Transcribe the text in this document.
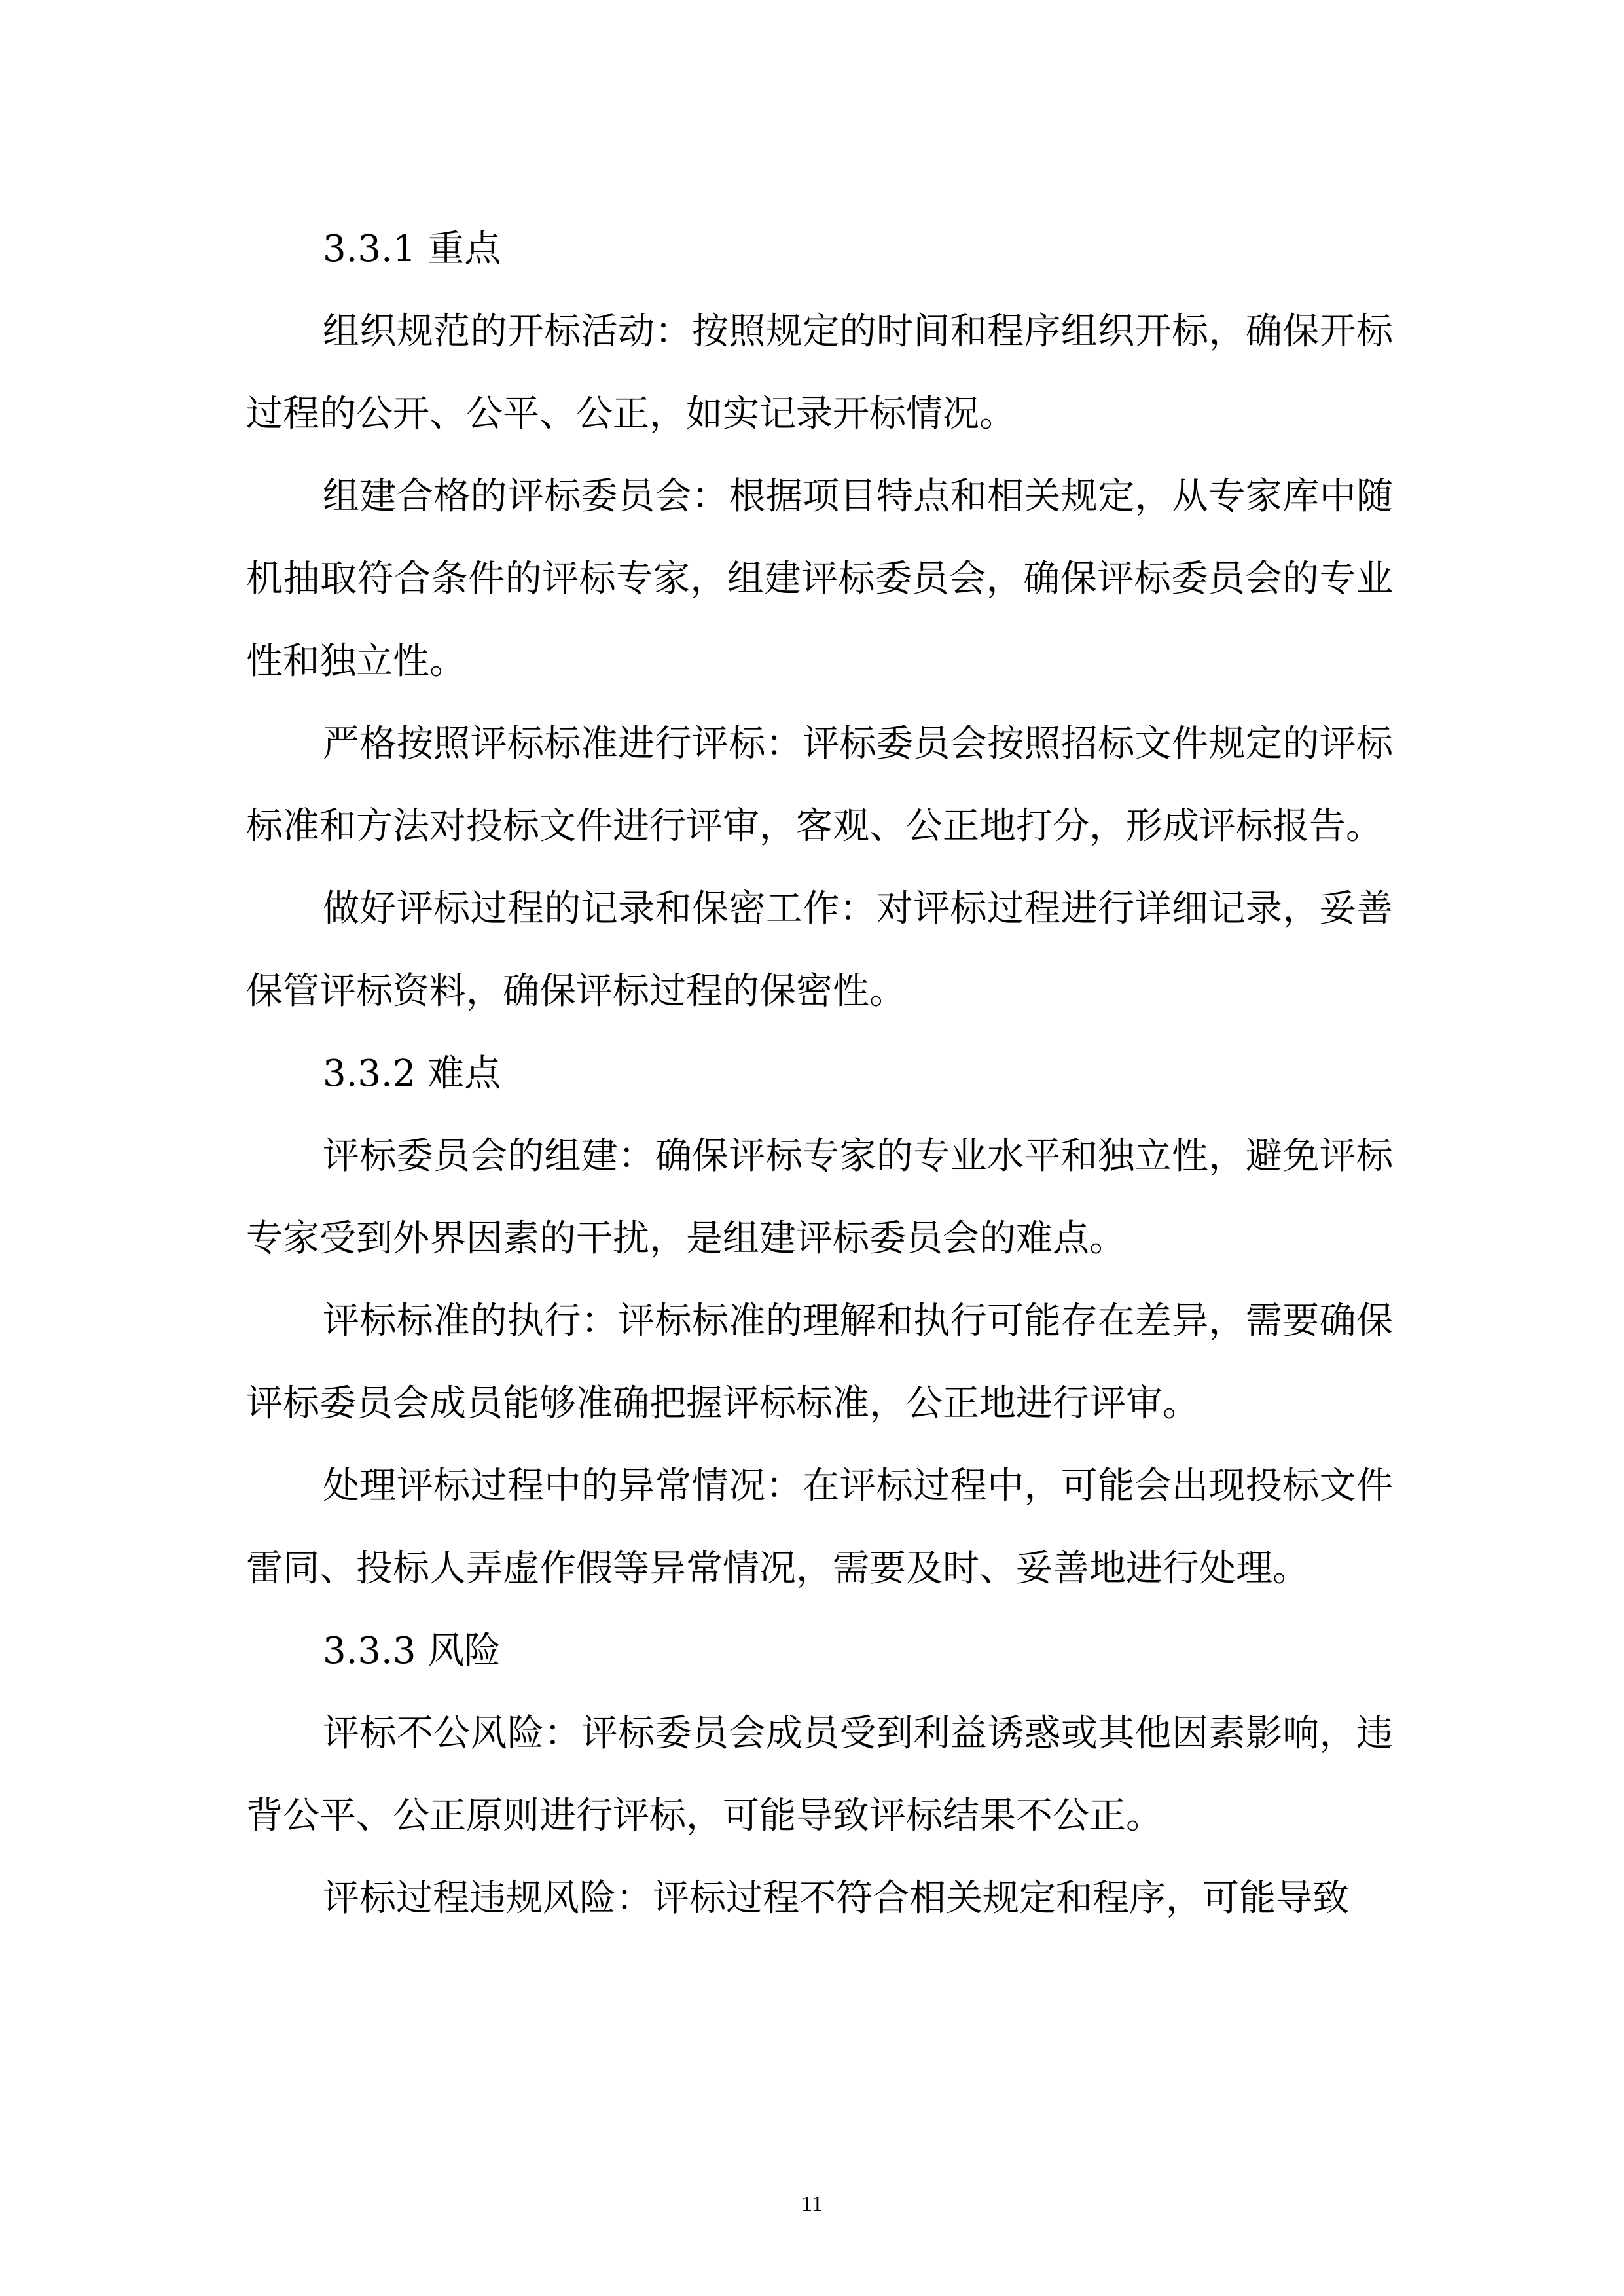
3.3.1 重点

组织规范的开标活动：按照规定的时间和程序组织开标，确保开标过程的公开、公平、公正，如实记录开标情况。

组建合格的评标委员会：根据项目特点和相关规定，从专家库中随机抽取符合条件的评标专家，组建评标委员会，确保评标委员会的专业性和独立性。

严格按照评标标准进行评标：评标委员会按照招标文件规定的评标标准和方法对投标文件进行评审，客观、公正地打分，形成评标报告。

做好评标过程的记录和保密工作：对评标过程进行详细记录，妥善保管评标资料，确保评标过程的保密性。

3.3.2 难点

评标委员会的组建：确保评标专家的专业水平和独立性，避免评标专家受到外界因素的干扰，是组建评标委员会的难点。

评标标准的执行：评标标准的理解和执行可能存在差异，需要确保评标委员会成员能够准确把握评标标准，公正地进行评审。

处理评标过程中的异常情况：在评标过程中，可能会出现投标文件雷同、投标人弄虚作假等异常情况，需要及时、妥善地进行处理。

3.3.3 风险

评标不公风险：评标委员会成员受到利益诱惑或其他因素影响，违背公平、公正原则进行评标，可能导致评标结果不公正。

评标过程违规风险：评标过程不符合相关规定和程序，可能导致

11
